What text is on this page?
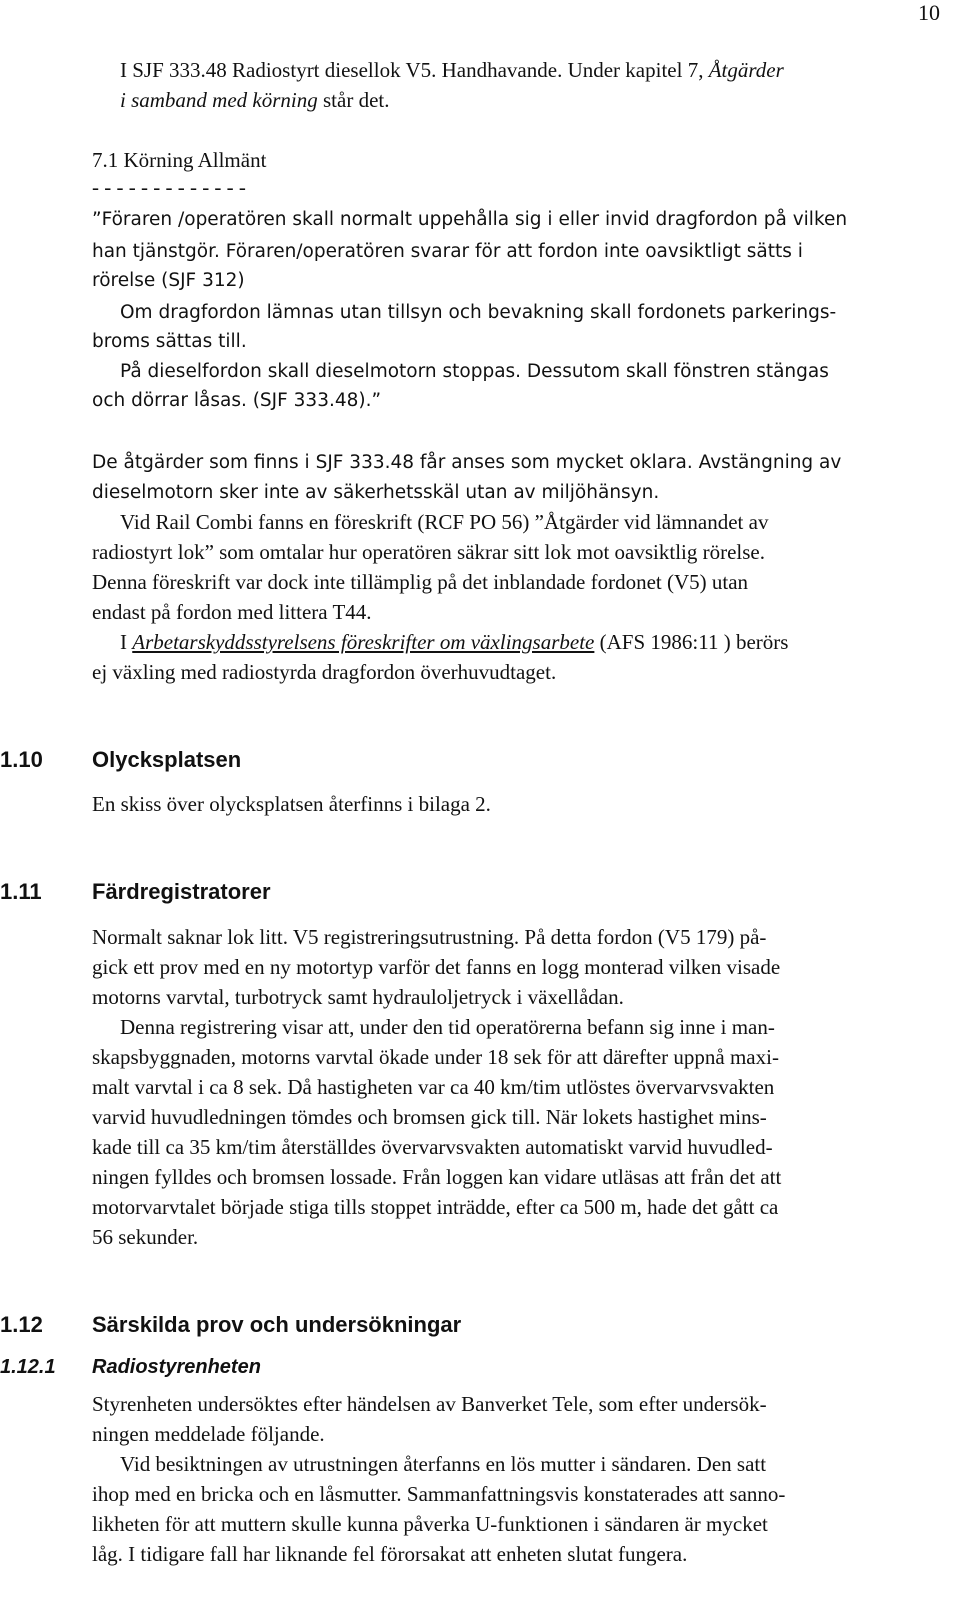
10
I SJF 333.48 Radiostyrt diesellok V5. Handhavande. Under kapitel 7, Åtgärder
i samband med körning står det.
7.1 Körning Allmänt
- - - - - - - - - - - - -
”Föraren /operatören skall normalt uppehålla sig i eller invid dragfordon på vilken
han tjänstgör. Föraren/operatören svarar för att fordon inte oavsiktligt sätts i
rörelse (SJF 312)
Om dragfordon lämnas utan tillsyn och bevakning skall fordonets parkerings-
broms sättas till.
På dieselfordon skall dieselmotorn stoppas. Dessutom skall fönstren stängas
och dörrar låsas. (SJF 333.48).”
De åtgärder som finns i SJF 333.48 får anses som mycket oklara. Avstängning av
dieselmotorn sker inte av säkerhetsskäl utan av miljöhänsyn.
Vid Rail Combi fanns en föreskrift (RCF PO 56) ”Åtgärder vid lämnandet av
radiostyrt lok” som omtalar hur operatören säkrar sitt lok mot oavsiktlig rörelse.
Denna föreskrift var dock inte tillämplig på det inblandade fordonet (V5) utan
endast på fordon med littera T44.
I Arbetarskyddsstyrelsens föreskrifter om växlingsarbete (AFS 1986:11 ) berörs
ej växling med radiostyrda dragfordon överhuvudtaget.
1.10 Olycksplatsen
En skiss över olycksplatsen återfinns i bilaga 2.
1.11 Färdregistratorer
Normalt saknar lok litt. V5 registreringsutrustning. På detta fordon (V5 179) på-
gick ett prov med en ny motortyp varför det fanns en logg monterad vilken visade
motorns varvtal, turbotryck samt hydrauloljetryck i växellådan.
Denna registrering visar att, under den tid operatörerna befann sig inne i man-
skapsbyggnaden, motorns varvtal ökade under 18 sek för att därefter uppnå maxi-
malt varvtal i ca 8 sek. Då hastigheten var ca 40 km/tim utlöstes övervarvsvakten
varvid huvudledningen tömdes och bromsen gick till. När lokets hastighet mins-
kade till ca 35 km/tim återställdes övervarvsvakten automatiskt varvid huvudled-
ningen fylldes och bromsen lossade. Från loggen kan vidare utläsas att från det att
motorvarvtalet började stiga tills stoppet inträdde, efter ca 500 m, hade det gått ca
56 sekunder.
1.12 Särskilda prov och undersökningar
1.12.1 Radiostyrenheten
Styrenheten undersöktes efter händelsen av Banverket Tele, som efter undersök-
ningen meddelade följande.
Vid besiktningen av utrustningen återfanns en lös mutter i sändaren. Den satt
ihop med en bricka och en låsmutter. Sammanfattningsvis konstaterades att sanno-
likheten för att muttern skulle kunna påverka U-funktionen i sändaren är mycket
låg. I tidigare fall har liknande fel förorsakat att enheten slutat fungera.
